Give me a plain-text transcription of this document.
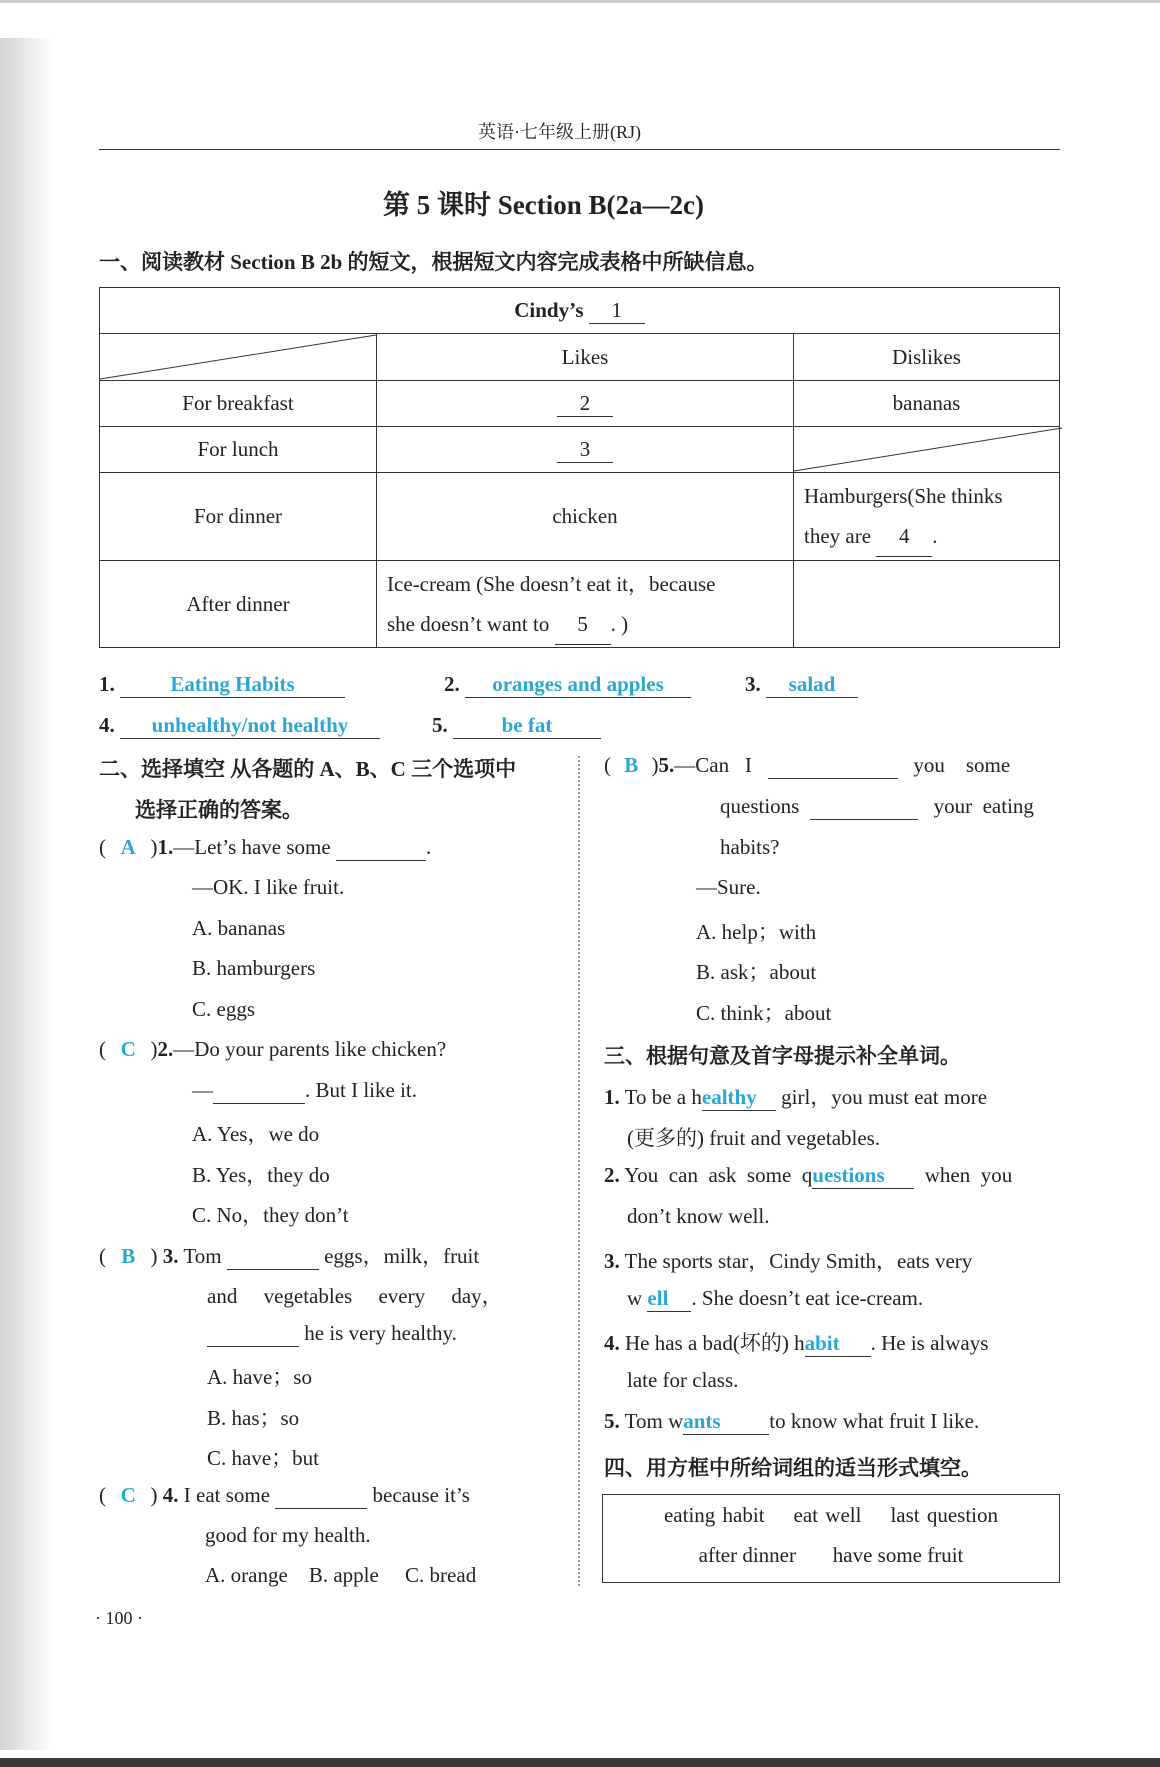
英语·七年级上册(RJ)
第 5 课时 Section B(2a—2c)
一、阅读教材 Section B 2b 的短文，根据短文内容完成表格中所缺信息。
Cindy’s 1		

	Likes	Dislikes
For breakfast	2	bananas
For lunch	3	

For dinner	chicken	Hamburgers(She thinks
they are 4 .

After dinner	Ice-cream (She doesn’t eat it，because
she doesn’t want to 5 . )	

1.	Eating Habits	2. oranges and apples	3. salad
4. unhealthy/not healthy	5.	be fat
二、选择填空 从各题的 A、B、C 三个选项中
选择正确的答案。
( A )1.—Let’s have some	.
—OK. I like fruit.
A. bananas
B. hamburgers
C. eggs
( C )2.—Do your parents like chicken?
—	. But I like it.
A. Yes，we do
B. Yes，they do
C. No，they don’t
( B ) 3. Tom	eggs，milk，fruit
and     vegetables     every     day，
he is very healthy.
A. have；so
B. has；so
C. have；but
( C ) 4. I eat some	because it’s
good for my health.
A. orange B. apple C. bread
( B )5.—Can   I	you    some
questions	your  eating
habits?
—Sure.
A. help；with
B. ask；about
C. think；about
三、根据句意及首字母提示补全单词。
1. To be a healthy girl，you must eat more
(更多的) fruit and vegetables.
2. You  can  ask  some  questions  when  you
don’t know well.
3. The sports star，Cindy Smith，eats very
w ell . She doesn’t eat ice-cream.
4. He has a bad(坏的) habit . He is always
late for class.
5. Tom wants to know what fruit I like.
四、用方框中所给词组的适当形式填空。
eating habit eat well last question
after dinner have some fruit
· 100 ·
